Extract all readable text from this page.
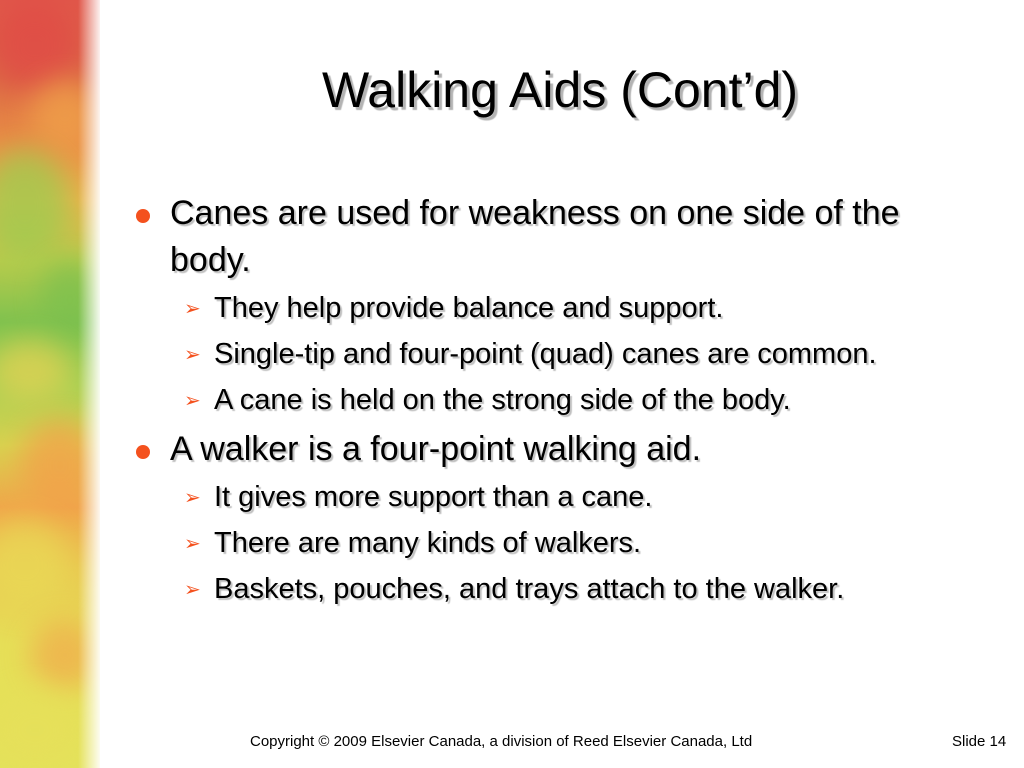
Walking Aids (Cont’d)
Canes are used for weakness on one side of the body.
➢ They help provide balance and support.
➢ Single-tip and four-point (quad) canes are common.
➢ A cane is held on the strong side of the body.
A walker is a four-point walking aid.
➢ It gives more support than a cane.
➢ There are many kinds of walkers.
➢ Baskets, pouches, and trays attach to the walker.
Copyright © 2009 Elsevier Canada, a division of Reed Elsevier Canada, Ltd	Slide 14
